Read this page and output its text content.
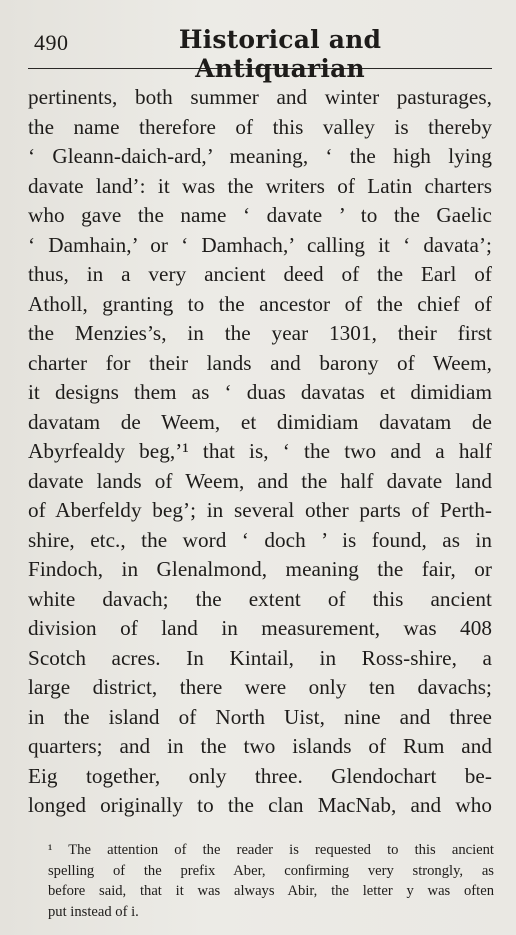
490	Historical and Antiquarian
pertinents, both summer and winter pasturages,
the name therefore of this valley is thereby
‘ Gleann-daich-ard,’ meaning, ‘ the high lying
davate land’: it was the writers of Latin charters
who gave the name ‘ davate ’ to the Gaelic
‘ Damhain,’ or ‘ Damhach,’ calling it ‘ davata’;
thus, in a very ancient deed of the Earl of
Atholl, granting to the ancestor of the chief of
the Menzies’s, in the year 1301, their first
charter for their lands and barony of Weem,
it designs them as ‘ duas davatas et dimidiam
davatam de Weem, et dimidiam davatam de
Abyrfealdy beg,’¹ that is, ‘ the two and a half
davate lands of Weem, and the half davate land
of Aberfeldy beg’; in several other parts of Perth-
shire, etc., the word ‘ doch ’ is found, as in
Findoch, in Glenalmond, meaning the fair, or
white davach; the extent of this ancient
division of land in measurement, was 408
Scotch acres. In Kintail, in Ross-shire, a
large district, there were only ten davachs;
in the island of North Uist, nine and three
quarters; and in the two islands of Rum and
Eig together, only three. Glendochart be-
longed originally to the clan MacNab, and who
¹ The attention of the reader is requested to this ancient
spelling of the prefix Aber, confirming very strongly, as
before said, that it was always Abir, the letter y was often
put instead of i.
